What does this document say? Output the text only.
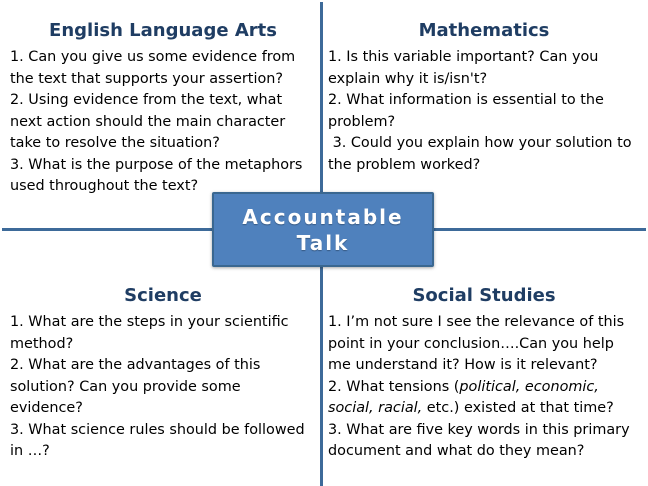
English Language Arts

1. Can you give us some evidence from the text that supports your assertion?

2. Using evidence from the text, what next action should the main character take to resolve the situation?

3. What is the purpose of the metaphors used throughout the text?

Mathematics

1. Is this variable important? Can you explain why it is/isn't?

2. What information is essential to the problem?

3. Could you explain how your solution to the problem worked?

Science

1. What are the steps in your scientific method?

2. What are the advantages of this solution? Can you provide some evidence?

3. What science rules should be followed in …?

Social Studies

1. I’m not sure I see the relevance of this point in your conclusion….Can you help me understand it? How is it relevant?

2. What tensions (political, economic, social, racial, etc.) existed at that time?

3. What are five key words in this primary document and what do they mean?

Accountable
Talk
